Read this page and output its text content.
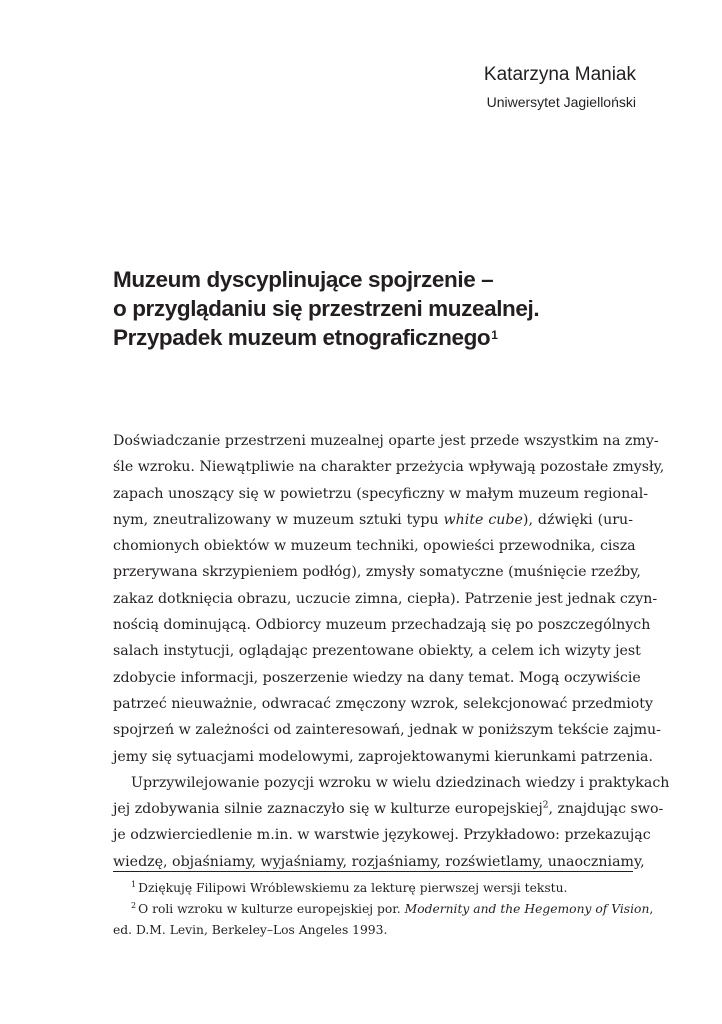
Katarzyna Maniak
Uniwersytet Jagielloński
Muzeum dyscyplinujące spojrzenie –
o przyglądaniu się przestrzeni muzealnej.
Przypadek muzeum etnograficznego$^1$
Doświadczanie przestrzeni muzealnej oparte jest przede wszystkim na zmy-
śle wzroku. Niewątpliwie na charakter przeżycia wpływają pozostałe zmysły,
zapach unoszący się w powietrzu (specyficzny w małym muzeum regional-
nym, zneutralizowany w muzeum sztuki typu white cube), dźwięki (uru-
chomionych obiektów w muzeum techniki, opowieści przewodnika, cisza
przerywana skrzypieniem podłóg), zmysły somatyczne (muśnięcie rzeźby,
zakaz dotknięcia obrazu, uczucie zimna, ciepła). Patrzenie jest jednak czyn-
nością dominującą. Odbiorcy muzeum przechadzają się po poszczególnych
salach instytucji, oglądając prezentowane obiekty, a celem ich wizyty jest
zdobycie informacji, poszerzenie wiedzy na dany temat. Mogą oczywiście
patrzeć nieuważnie, odwracać zmęczony wzrok, selekcjonować przedmioty
spojrzeń w zależności od zainteresowań, jednak w poniższym tekście zajmu-
jemy się sytuacjami modelowymi, zaprojektowanymi kierunkami patrzenia.
Uprzywilejowanie pozycji wzroku w wielu dziedzinach wiedzy i praktykach
jej zdobywania silnie zaznaczyło się w kulturze europejskiej$^2$, znajdując swo-
je odzwierciedlenie m.in. w warstwie językowej. Przykładowo: przekazując
wiedzę, objaśniamy, wyjaśniamy, rozjaśniamy, rozświetlamy, unaoczniamy,
$^1$ Dziękuję Filipowi Wróblewskiemu za lekturę pierwszej wersji tekstu.
$^2$ O roli wzroku w kulturze europejskiej por. Modernity and the Hegemony of Vision,
ed. D.M. Levin, Berkeley–Los Angeles 1993.
